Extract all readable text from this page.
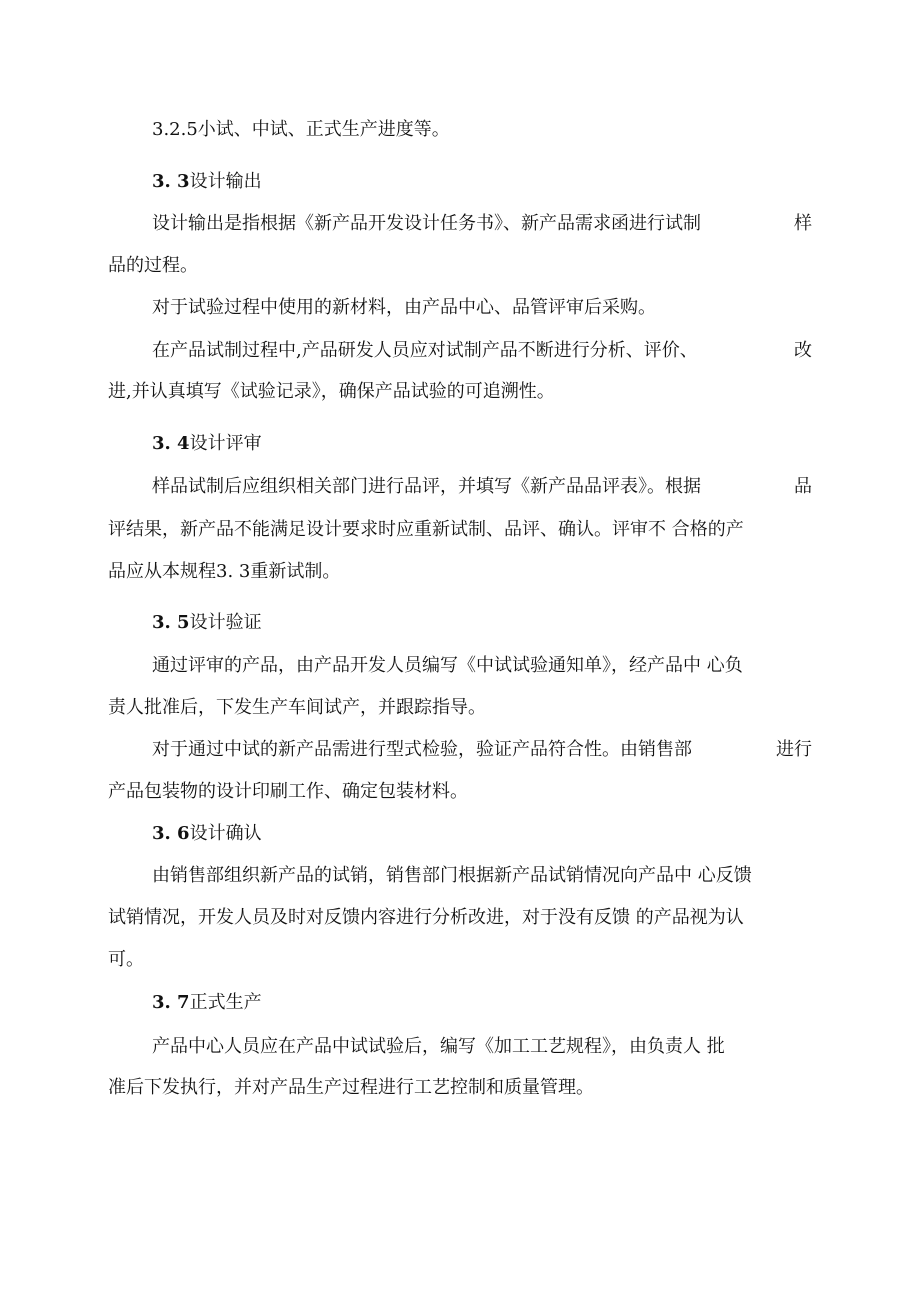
3.2.5小试、中试、正式生产进度等。
3. 3设计输出
设计输出是指根据《新产品开发设计任务书》、新产品需求函进行试制	样
品的过程。
对于试验过程中使用的新材料，由产品中心、品管评审后采购。
在产品试制过程中,产品研发人员应对试制产品不断进行分析、评价、	改
进,并认真填写《试验记录》，确保产品试验的可追溯性。
3. 4设计评审
样品试制后应组织相关部门进行品评，并填写《新产品品评表》。根据	品
评结果，新产品不能满足设计要求时应重新试制、品评、确认。评审不 合格的产
品应从本规程3. 3重新试制。
3. 5设计验证
通过评审的产品，由产品开发人员编写《中试试验通知单》，经产品中 心负
责人批准后，下发生产车间试产，并跟踪指导。
对于通过中试的新产品需进行型式检验，验证产品符合性。由销售部	进行
产品包装物的设计印刷工作、确定包装材料。
3. 6设计确认
由销售部组织新产品的试销，销售部门根据新产品试销情况向产品中 心反馈
试销情况，开发人员及时对反馈内容进行分析改进，对于没有反馈 的产品视为认
可。
3. 7正式生产
产品中心人员应在产品中试试验后，编写《加工工艺规程》，由负责人 批
准后下发执行，并对产品生产过程进行工艺控制和质量管理。
